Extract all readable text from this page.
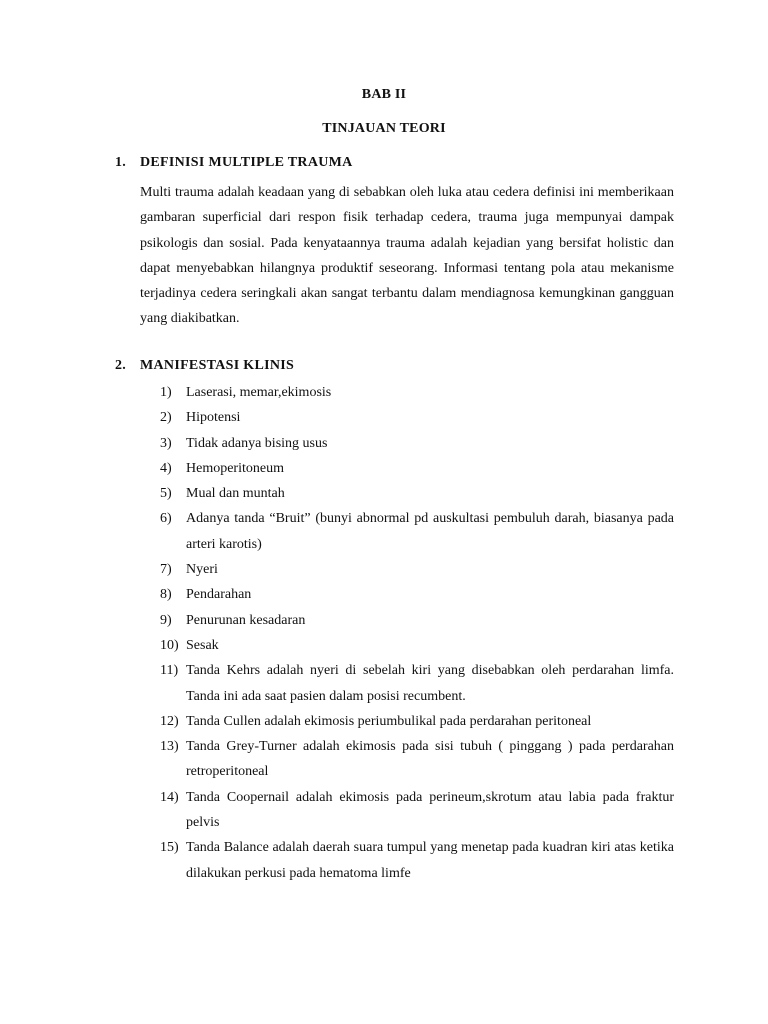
BAB II
TINJAUAN TEORI
1. DEFINISI MULTIPLE TRAUMA
Multi trauma adalah keadaan yang di sebabkan oleh luka atau cedera definisi ini memberikaan gambaran superficial dari respon fisik terhadap cedera, trauma juga mempunyai dampak psikologis dan sosial. Pada kenyataannya trauma adalah kejadian yang bersifat holistic dan dapat menyebabkan hilangnya produktif seseorang. Informasi tentang pola atau mekanisme terjadinya cedera seringkali akan sangat terbantu dalam mendiagnosa kemungkinan gangguan yang diakibatkan.
2. MANIFESTASI KLINIS
1) Laserasi, memar,ekimosis
2) Hipotensi
3) Tidak adanya bising usus
4) Hemoperitoneum
5) Mual dan muntah
6) Adanya tanda “Bruit” (bunyi abnormal pd auskultasi pembuluh darah, biasanya pada arteri karotis)
7) Nyeri
8) Pendarahan
9) Penurunan kesadaran
10) Sesak
11) Tanda Kehrs adalah nyeri di sebelah kiri yang disebabkan oleh perdarahan limfa. Tanda ini ada saat pasien dalam posisi recumbent.
12) Tanda Cullen adalah ekimosis periumbulikal pada perdarahan peritoneal
13) Tanda Grey-Turner adalah ekimosis pada sisi tubuh ( pinggang ) pada perdarahan retroperitoneal
14) Tanda Coopernail adalah ekimosis pada perineum,skrotum atau labia pada fraktur pelvis
15) Tanda Balance adalah daerah suara tumpul yang menetap pada kuadran kiri atas ketika dilakukan perkusi pada hematoma limfe
